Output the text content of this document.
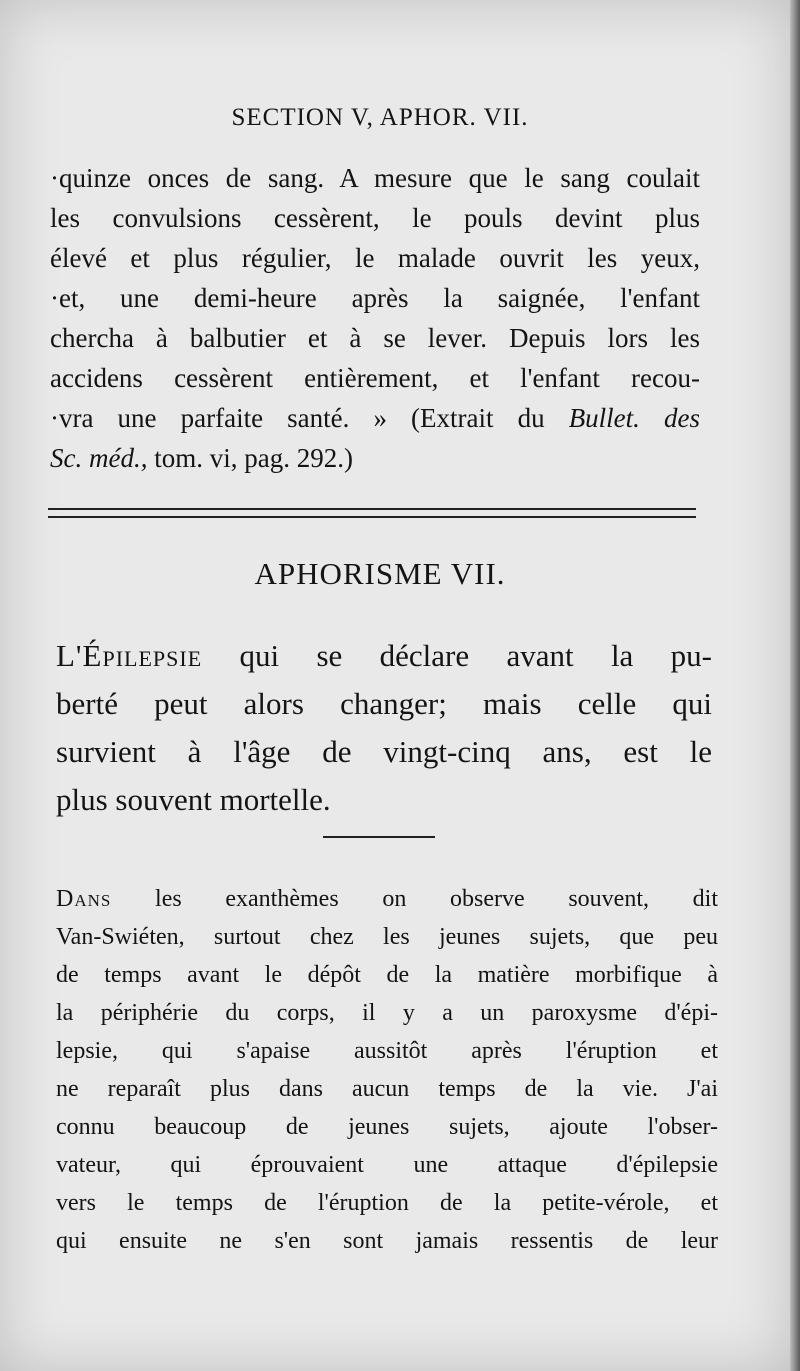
SECTION V, APHOR. VII.
·quinze onces de sang. A mesure que le sang coulait
les convulsions cessèrent, le pouls devint plus
élevé et plus régulier, le malade ouvrit les yeux,
·et, une demi-heure après la saignée, l'enfant
chercha à balbutier et à se lever. Depuis lors les
accidens cessèrent entièrement, et l'enfant recou-
·vra une parfaite santé. » (Extrait du Bullet. des
Sc. méd., tom. vi, pag. 292.)
APHORISME VII.
L'Épilepsie qui se déclare avant la pu-
berté peut alors changer; mais celle qui
survient à l'âge de vingt-cinq ans, est le
plus souvent mortelle.
Dans les exanthèmes on observe souvent, dit
Van-Swiéten, surtout chez les jeunes sujets, que peu
de temps avant le dépôt de la matière morbifique à
la périphérie du corps, il y a un paroxysme d'épi-
lepsie, qui s'apaise aussitôt après l'éruption et
ne reparaît plus dans aucun temps de la vie. J'ai
connu beaucoup de jeunes sujets, ajoute l'obser-
vateur, qui éprouvaient une attaque d'épilepsie
vers le temps de l'éruption de la petite-vérole, et
qui ensuite ne s'en sont jamais ressentis de leur
